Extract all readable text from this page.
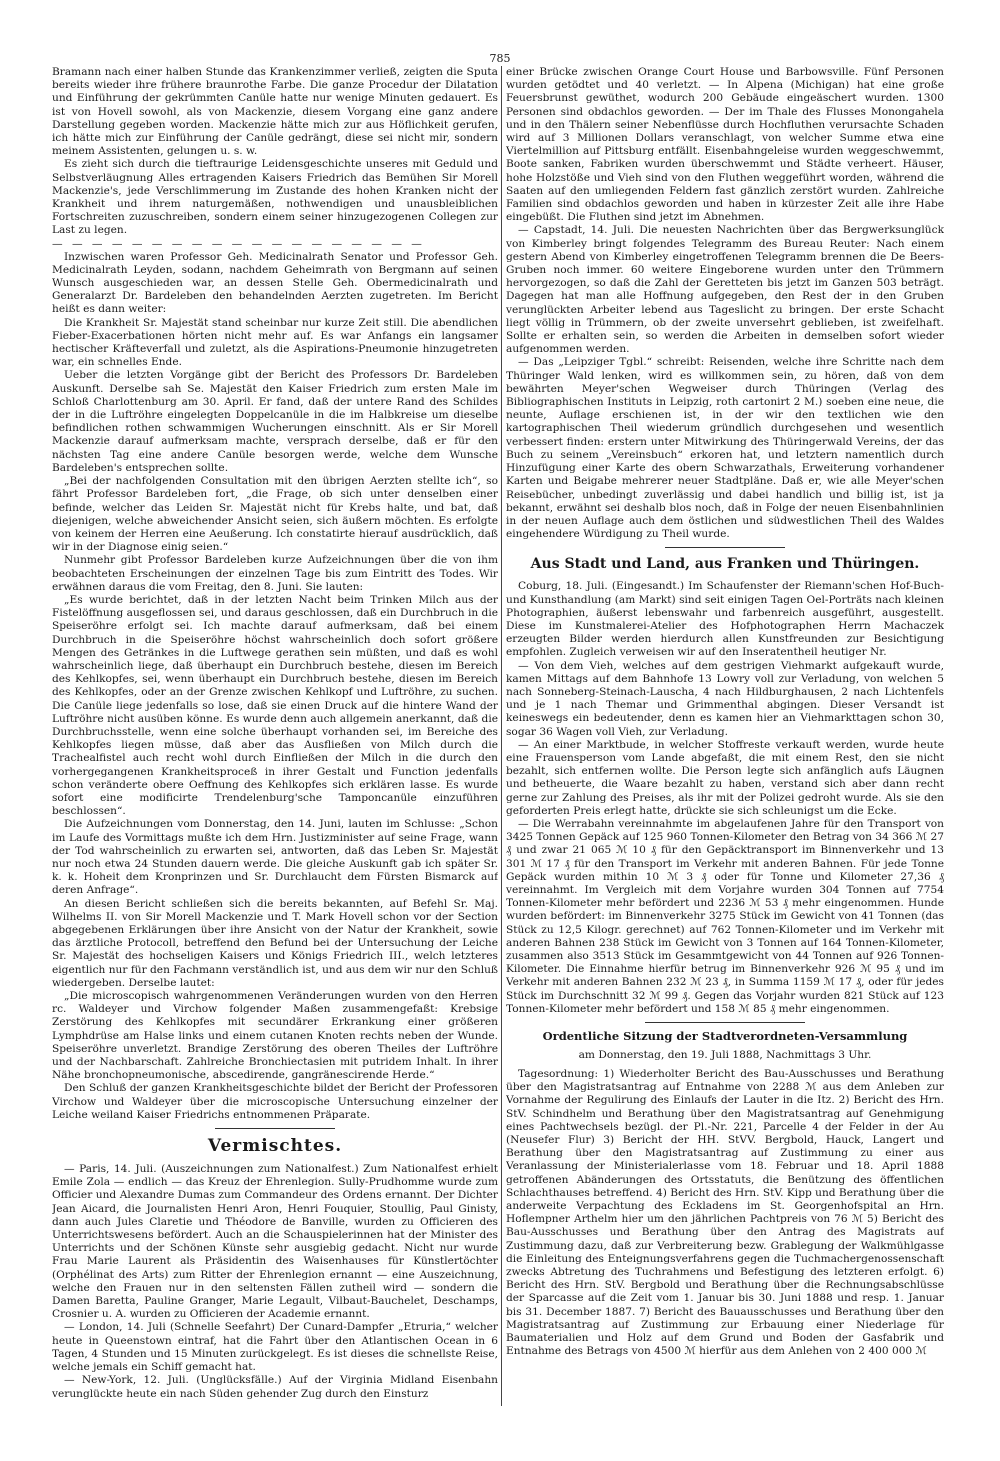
785

Bramann nach einer halben Stunde das Krankenzimmer verließ, zeigten die Sputa bereits wieder ihre frühere braunrothe Farbe. Die ganze Procedur der Dilatation und Einführung der gekrümmten Canüle hatte nur wenige Minuten gedauert. Es ist von Hovell sowohl, als von Mackenzie, diesem Vorgang eine ganz andere Darstellung gegeben worden. Mackenzie hätte mich zur aus Höflichkeit gerufen, ich hätte mich zur Einführung der Canüle gedrängt, diese sei nicht mir, sondern meinem Assistenten, gelungen u. s. w.

Es zieht sich durch die tieftraurige Leidensgeschichte unseres mit Geduld und Selbstverläugnung Alles ertragenden Kaisers Friedrich das Bemühen Sir Morell Mackenzie's, jede Verschlimmerung im Zustande des hohen Kranken nicht der Krankheit und ihrem naturgemäßen, nothwendigen und unausbleiblichen Fortschreiten zuzuschreiben, sondern einem seiner hinzugezogenen Collegen zur Last zu legen.

— — — — — — — — — — — — — — — — — — —

Inzwischen waren Professor Geh. Medicinalrath Senator und Professor Geh. Medicinalrath Leyden, sodann, nachdem Geheimrath von Bergmann auf seinen Wunsch ausgeschieden war, an dessen Stelle Geh. Obermedicinalrath und Generalarzt Dr. Bardeleben den behandelnden Aerzten zugetreten. Im Bericht heißt es dann weiter:

Die Krankheit Sr. Majestät stand scheinbar nur kurze Zeit still. Die abendlichen Fieber-Exacerbationen hörten nicht mehr auf. Es war Anfangs ein langsamer hectischer Kräfteverfall und zuletzt, als die Aspirations-Pneumonie hinzugetreten war, ein schnelles Ende.

Ueber die letzten Vorgänge gibt der Bericht des Professors Dr. Bardeleben Auskunft. Derselbe sah Se. Majestät den Kaiser Friedrich zum ersten Male im Schloß Charlottenburg am 30. April. Er fand, daß der untere Rand des Schildes der in die Luftröhre eingelegten Doppelcanüle in die im Halbkreise um dieselbe befindlichen rothen schwammigen Wucherungen einschnitt. Als er Sir Morell Mackenzie darauf aufmerksam machte, versprach derselbe, daß er für den nächsten Tag eine andere Canüle besorgen werde, welche dem Wunsche Bardeleben's entsprechen sollte.

„Bei der nachfolgenden Consultation mit den übrigen Aerzten stellte ich“, so fährt Professor Bardeleben fort, „die Frage, ob sich unter denselben einer befinde, welcher das Leiden Sr. Majestät nicht für Krebs halte, und bat, daß diejenigen, welche abweichender Ansicht seien, sich äußern möchten. Es erfolgte von keinem der Herren eine Aeußerung. Ich constatirte hierauf ausdrücklich, daß wir in der Diagnose einig seien.“

Nunmehr gibt Professor Bardeleben kurze Aufzeichnungen über die von ihm beobachteten Erscheinungen der einzelnen Tage bis zum Eintritt des Todes. Wir erwähnen daraus die vom Freitag, den 8. Juni. Sie lauten:

„Es wurde berichtet, daß in der letzten Nacht beim Trinken Milch aus der Fistelöffnung ausgeflossen sei, und daraus geschlossen, daß ein Durchbruch in die Speiseröhre erfolgt sei. Ich machte darauf aufmerksam, daß bei einem Durchbruch in die Speiseröhre höchst wahrscheinlich doch sofort größere Mengen des Getränkes in die Luftwege gerathen sein müßten, und daß es wohl wahrscheinlich liege, daß überhaupt ein Durchbruch bestehe, diesen im Bereich des Kehlkopfes, sei, wenn überhaupt ein Durchbruch bestehe, diesen im Bereich des Kehlkopfes, oder an der Grenze zwischen Kehlkopf und Luftröhre, zu suchen. Die Canüle liege jedenfalls so lose, daß sie einen Druck auf die hintere Wand der Luftröhre nicht ausüben könne. Es wurde denn auch allgemein anerkannt, daß die Durchbruchsstelle, wenn eine solche überhaupt vorhanden sei, im Bereiche des Kehlkopfes liegen müsse, daß aber das Ausfließen von Milch durch die Trachealfistel auch recht wohl durch Einfließen der Milch in die durch den vorhergegangenen Krankheitsproceß in ihrer Gestalt und Function jedenfalls schon veränderte obere Oeffnung des Kehlkopfes sich erklären lasse. Es wurde sofort eine modificirte Trendelenburg'sche Tamponcanüle einzuführen beschlossen“.

Die Aufzeichnungen vom Donnerstag, den 14. Juni, lauten im Schlusse: „Schon im Laufe des Vormittags mußte ich dem Hrn. Justizminister auf seine Frage, wann der Tod wahrscheinlich zu erwarten sei, antworten, daß das Leben Sr. Majestät nur noch etwa 24 Stunden dauern werde. Die gleiche Auskunft gab ich später Sr. k. k. Hoheit dem Kronprinzen und Sr. Durchlaucht dem Fürsten Bismarck auf deren Anfrage“.

An diesen Bericht schließen sich die bereits bekannten, auf Befehl Sr. Maj. Wilhelms II. von Sir Morell Mackenzie und T. Mark Hovell schon vor der Section abgegebenen Erklärungen über ihre Ansicht von der Natur der Krankheit, sowie das ärztliche Protocoll, betreffend den Befund bei der Untersuchung der Leiche Sr. Majestät des hochseligen Kaisers und Königs Friedrich III., welch letzteres eigentlich nur für den Fachmann verständlich ist, und aus dem wir nur den Schluß wiedergeben. Derselbe lautet:

„Die microscopisch wahrgenommenen Veränderungen wurden von den Herren rc. Waldeyer und Virchow folgender Maßen zusammengefaßt: Krebsige Zerstörung des Kehlkopfes mit secundärer Erkrankung einer größeren Lymphdrüse am Halse links und einem cutanen Knoten rechts neben der Wunde. Speiseröhre unverletzt. Brandige Zerstörung des oberen Theiles der Luftröhre und der Nachbarschaft. Zahlreiche Bronchiectasien mit putridem Inhalt. In ihrer Nähe bronchopneumonische, abscedirende, gangränescirende Herde.“

Den Schluß der ganzen Krankheitsgeschichte bildet der Bericht der Professoren Virchow und Waldeyer über die microscopische Untersuchung einzelner der Leiche weiland Kaiser Friedrichs entnommenen Präparate.

Vermischtes.

— Paris, 14. Juli. (Auszeichnungen zum Nationalfest.) Zum Nationalfest erhielt Emile Zola — endlich — das Kreuz der Ehrenlegion. Sully-Prudhomme wurde zum Officier und Alexandre Dumas zum Commandeur des Ordens ernannt. Der Dichter Jean Aicard, die Journalisten Henri Aron, Henri Fouquier, Stoullig, Paul Ginisty, dann auch Jules Claretie und Théodore de Banville, wurden zu Officieren des Unterrichtswesens befördert. Auch an die Schauspielerinnen hat der Minister des Unterrichts und der Schönen Künste sehr ausgiebig gedacht. Nicht nur wurde Frau Marie Laurent als Präsidentin des Waisenhauses für Künstlertöchter (Orphélinat des Arts) zum Ritter der Ehrenlegion ernannt — eine Auszeichnung, welche den Frauen nur in den seltensten Fällen zutheil wird — sondern die Damen Baretta, Pauline Granger, Marie Legault, Vilbaut-Bauchelet, Deschamps, Crosnier u. A. wurden zu Officieren der Academie ernannt.

— London, 14. Juli (Schnelle Seefahrt) Der Cunard-Dampfer „Etruria,“ welcher heute in Queenstown eintraf, hat die Fahrt über den Atlantischen Ocean in 6 Tagen, 4 Stunden und 15 Minuten zurückgelegt. Es ist dieses die schnellste Reise, welche jemals ein Schiff gemacht hat.

— New-York, 12. Juli. (Unglücksfälle.) Auf der Virginia Midland Eisenbahn verunglückte heute ein nach Süden gehender Zug durch den Einsturz

einer Brücke zwischen Orange Court House und Barbowsville. Fünf Personen wurden getödtet und 40 verletzt. — In Alpena (Michigan) hat eine große Feuersbrunst gewüthet, wodurch 200 Gebäude eingeäschert wurden. 1300 Personen sind obdachlos geworden. — Der im Thale des Flusses Monongahela und in den Thälern seiner Nebenflüsse durch Hochfluthen verursachte Schaden wird auf 3 Millionen Dollars veranschlagt, von welcher Summe etwa eine Viertelmillion auf Pittsburg entfällt. Eisenbahngeleise wurden weggeschwemmt, Boote sanken, Fabriken wurden überschwemmt und Städte verheert. Häuser, hohe Holzstöße und Vieh sind von den Fluthen weggeführt worden, während die Saaten auf den umliegenden Feldern fast gänzlich zerstört wurden. Zahlreiche Familien sind obdachlos geworden und haben in kürzester Zeit alle ihre Habe eingebüßt. Die Fluthen sind jetzt im Abnehmen.

— Capstadt, 14. Juli. Die neuesten Nachrichten über das Bergwerksunglück von Kimberley bringt folgendes Telegramm des Bureau Reuter: Nach einem gestern Abend von Kimberley eingetroffenen Telegramm brennen die De Beers-Gruben noch immer. 60 weitere Eingeborene wurden unter den Trümmern hervorgezogen, so daß die Zahl der Geretteten bis jetzt im Ganzen 503 beträgt. Dagegen hat man alle Hoffnung aufgegeben, den Rest der in den Gruben verunglückten Arbeiter lebend aus Tageslicht zu bringen. Der erste Schacht liegt völlig in Trümmern, ob der zweite unversehrt geblieben, ist zweifelhaft. Sollte er erhalten sein, so werden die Arbeiten in demselben sofort wieder aufgenommen werden.

— Das „Leipziger Tgbl.“ schreibt: Reisenden, welche ihre Schritte nach dem Thüringer Wald lenken, wird es willkommen sein, zu hören, daß von dem bewährten Meyer'schen Wegweiser durch Thüringen (Verlag des Bibliographischen Instituts in Leipzig, roth cartonirt 2 M.) soeben eine neue, die neunte, Auflage erschienen ist, in der wir den textlichen wie den kartographischen Theil wiederum gründlich durchgesehen und wesentlich verbessert finden: erstern unter Mitwirkung des Thüringerwald Vereins, der das Buch zu seinem „Vereinsbuch“ erkoren hat, und letztern namentlich durch Hinzufügung einer Karte des obern Schwarzathals, Erweiterung vorhandener Karten und Beigabe mehrerer neuer Stadtpläne. Daß er, wie alle Meyer'schen Reisebücher, unbedingt zuverlässig und dabei handlich und billig ist, ist ja bekannt, erwähnt sei deshalb blos noch, daß in Folge der neuen Eisenbahnlinien in der neuen Auflage auch dem östlichen und südwestlichen Theil des Waldes eingehendere Würdigung zu Theil wurde.

Aus Stadt und Land, aus Franken und Thüringen.

Coburg, 18. Juli. (Eingesandt.) Im Schaufenster der Riemann'schen Hof-Buch- und Kunsthandlung (am Markt) sind seit einigen Tagen Oel-Porträts nach kleinen Photographien, äußerst lebenswahr und farbenreich ausgeführt, ausgestellt. Diese im Kunstmalerei-Atelier des Hofphotographen Herrn Machaczek erzeugten Bilder werden hierdurch allen Kunstfreunden zur Besichtigung empfohlen. Zugleich verweisen wir auf den Inseratentheil heutiger Nr.

— Von dem Vieh, welches auf dem gestrigen Viehmarkt aufgekauft wurde, kamen Mittags auf dem Bahnhofe 13 Lowry voll zur Verladung, von welchen 5 nach Sonneberg-Steinach-Lauscha, 4 nach Hildburghausen, 2 nach Lichtenfels und je 1 nach Themar und Grimmenthal abgingen. Dieser Versandt ist keineswegs ein bedeutender, denn es kamen hier an Viehmarkttagen schon 30, sogar 36 Wagen voll Vieh, zur Verladung.

— An einer Marktbude, in welcher Stoffreste verkauft werden, wurde heute eine Frauensperson vom Lande abgefaßt, die mit einem Rest, den sie nicht bezahlt, sich entfernen wollte. Die Person legte sich anfänglich aufs Läugnen und betheuerte, die Waare bezahlt zu haben, verstand sich aber dann recht gerne zur Zahlung des Preises, als ihr mit der Polizei gedroht wurde. Als sie den geforderten Preis erlegt hatte, drückte sie sich schleunigst um die Ecke.

— Die Werrabahn vereinnahmte im abgelaufenen Jahre für den Transport von 3425 Tonnen Gepäck auf 125 960 Tonnen-Kilometer den Betrag von 34 366 ℳ 27 ₰ und zwar 21 065 ℳ 10 ₰ für den Gepäcktransport im Binnenverkehr und 13 301 ℳ 17 ₰ für den Transport im Verkehr mit anderen Bahnen. Für jede Tonne Gepäck wurden mithin 10 ℳ 3 ₰ oder für Tonne und Kilometer 27,36 ₰ vereinnahmt. Im Vergleich mit dem Vorjahre wurden 304 Tonnen auf 7754 Tonnen-Kilometer mehr befördert und 2236 ℳ 53 ₰ mehr eingenommen. Hunde wurden befördert: im Binnenverkehr 3275 Stück im Gewicht von 41 Tonnen (das Stück zu 12,5 Kilogr. gerechnet) auf 762 Tonnen-Kilometer und im Verkehr mit anderen Bahnen 238 Stück im Gewicht von 3 Tonnen auf 164 Tonnen-Kilometer, zusammen also 3513 Stück im Gesammtgewicht von 44 Tonnen auf 926 Tonnen-Kilometer. Die Einnahme hierfür betrug im Binnenverkehr 926 ℳ 95 ₰ und im Verkehr mit anderen Bahnen 232 ℳ 23 ₰, in Summa 1159 ℳ 17 ₰, oder für jedes Stück im Durchschnitt 32 ℳ 99 ₰. Gegen das Vorjahr wurden 821 Stück auf 123 Tonnen-Kilometer mehr befördert und 158 ℳ 85 ₰ mehr eingenommen.

Ordentliche Sitzung der Stadtverordneten-Versammlung
am Donnerstag, den 19. Juli 1888, Nachmittags 3 Uhr.

Tagesordnung: 1) Wiederholter Bericht des Bau-Ausschusses und Berathung über den Magistratsantrag auf Entnahme von 2288 ℳ aus dem Anleben zur Vornahme der Regulirung des Einlaufs der Lauter in die Itz. 2) Bericht des Hrn. StV. Schindhelm und Berathung über den Magistratsantrag auf Genehmigung eines Pachtwechsels bezügl. der Pl.-Nr. 221, Parcelle 4 der Felder in der Au (Neusefer Flur) 3) Bericht der HH. StVV. Bergbold, Hauck, Langert und Berathung über den Magistratsantrag auf Zustimmung zu einer aus Veranlassung der Ministerialerlasse vom 18. Februar und 18. April 1888 getroffenen Abänderungen des Ortsstatuts, die Benützung des öffentlichen Schlachthauses betreffend. 4) Bericht des Hrn. StV. Kipp und Berathung über die anderweite Verpachtung des Eckladens im St. Georgenhofspital an Hrn. Hoflempner Arthelm hier um den jährlichen Pachtpreis von 76 ℳ 5) Bericht des Bau-Ausschusses und Berathung über den Antrag des Magistrats auf Zustimmung dazu, daß zur Verbreiterung bezw. Grablegung der Walkmühlgasse die Einleitung des Enteignungsverfahrens gegen die Tuchmachergenossenschaft zwecks Abtretung des Tuchrahmens und Befestigung des letzteren erfolgt. 6) Bericht des Hrn. StV. Bergbold und Berathung über die Rechnungsabschlüsse der Sparcasse auf die Zeit vom 1. Januar bis 30. Juni 1888 und resp. 1. Januar bis 31. December 1887. 7) Bericht des Bauausschusses und Berathung über den Magistratsantrag auf Zustimmung zur Erbauung einer Niederlage für Baumaterialien und Holz auf dem Grund und Boden der Gasfabrik und Entnahme des Betrags von 4500 ℳ hierfür aus dem Anlehen von 2 400 000 ℳ
